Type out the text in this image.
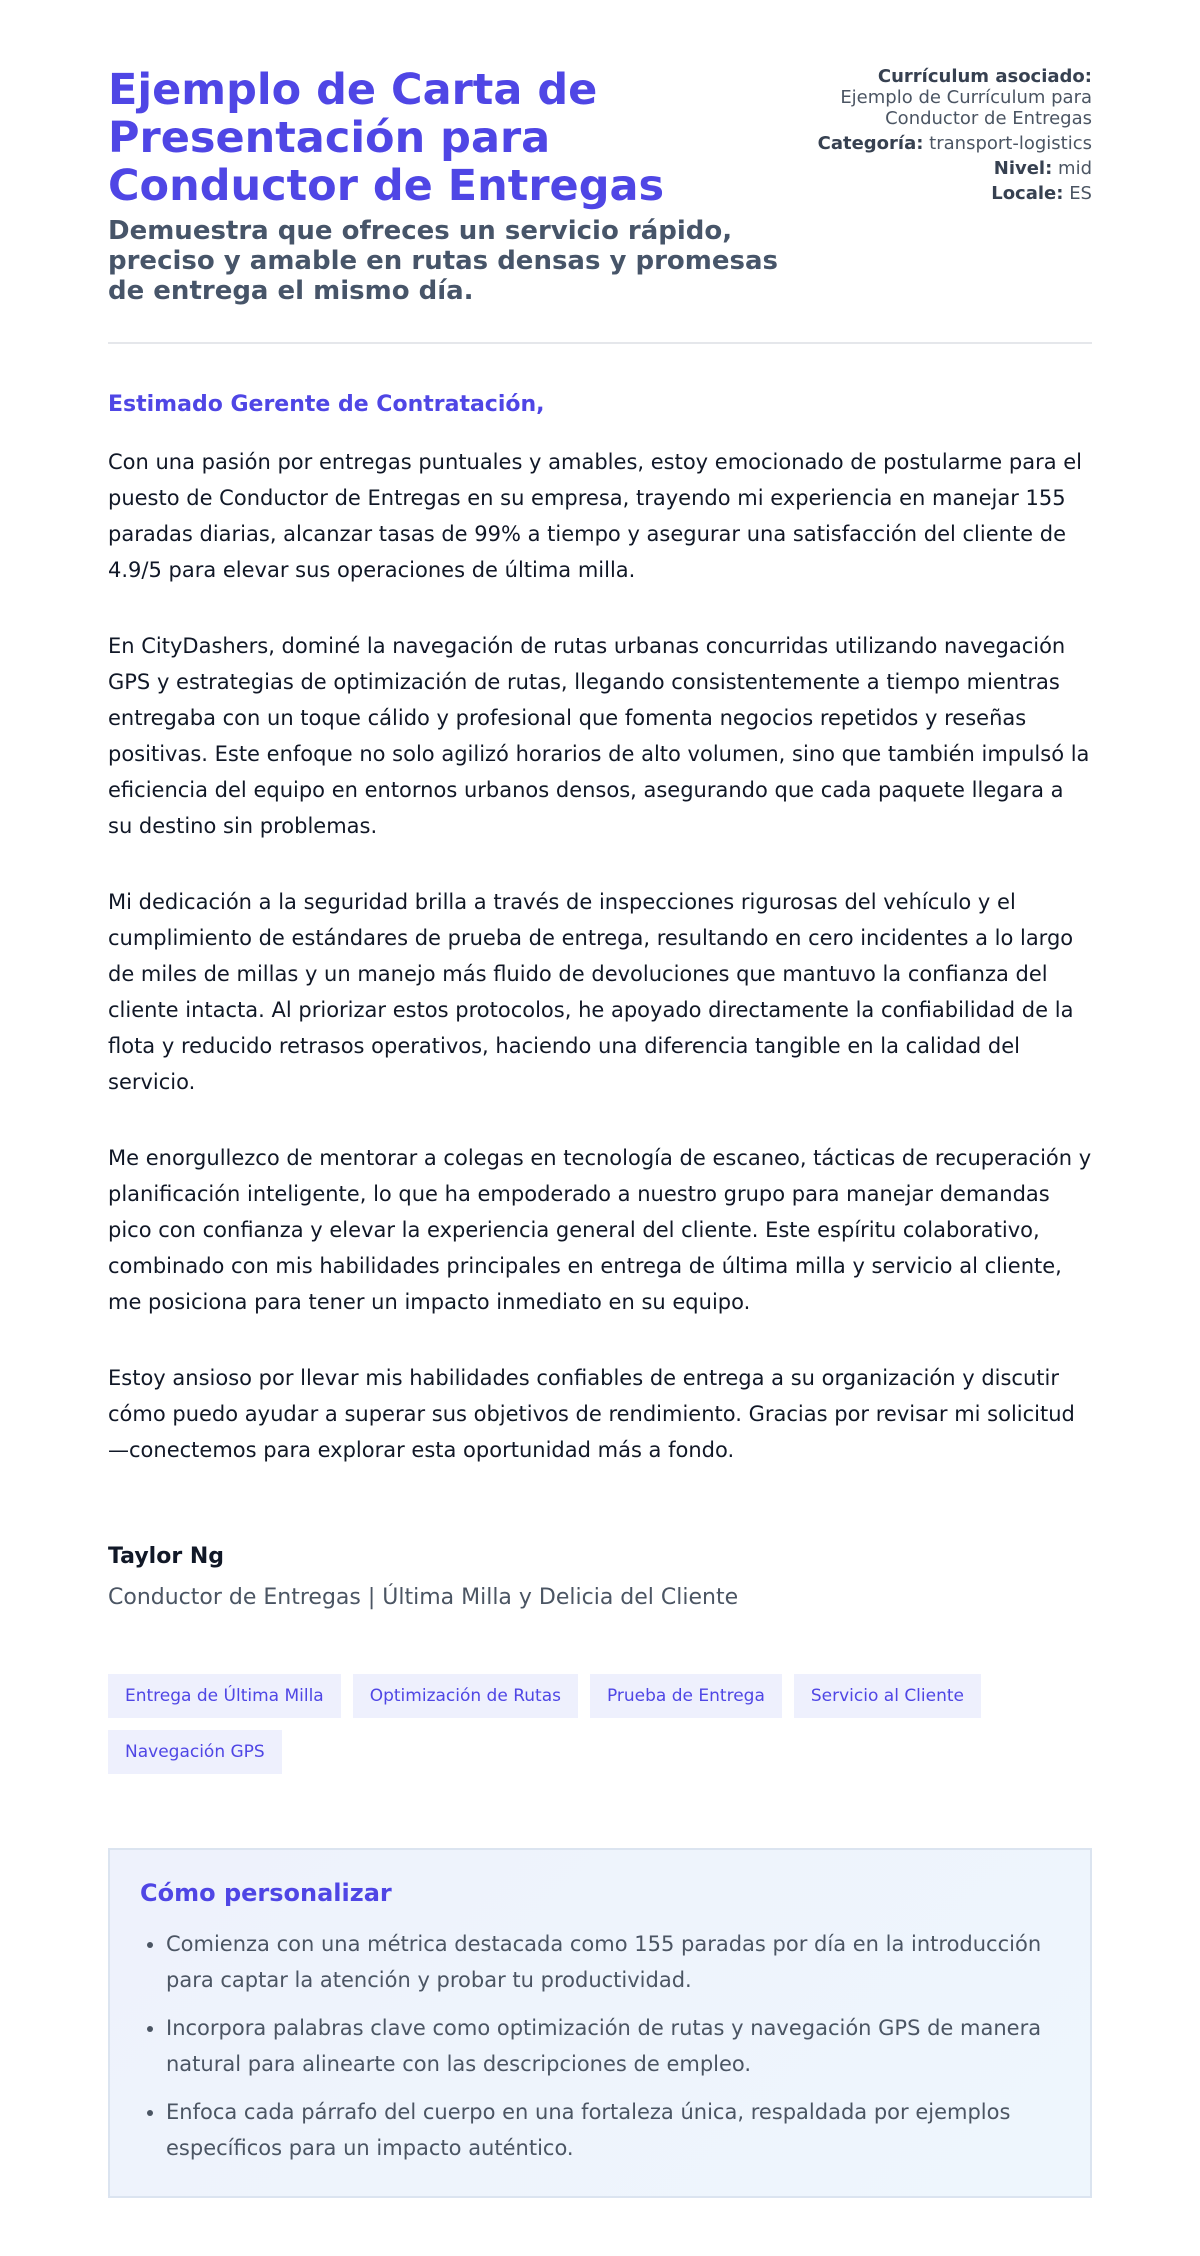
Ejemplo de Carta de Presentación para Conductor de Entregas
Demuestra que ofreces un servicio rápido, preciso y amable en rutas densas y promesas de entrega el mismo día.
Currículum asociado:
Ejemplo de Currículum para Conductor de Entregas
Categoría: transport-logistics
Nivel: mid
Locale: ES

Estimado Gerente de Contratación,

Con una pasión por entregas puntuales y amables, estoy emocionado de postularme para el puesto de Conductor de Entregas en su empresa, trayendo mi experiencia en manejar 155 paradas diarias, alcanzar tasas de 99% a tiempo y asegurar una satisfacción del cliente de 4.9/5 para elevar sus operaciones de última milla.

En CityDashers, dominé la navegación de rutas urbanas concurridas utilizando navegación GPS y estrategias de optimización de rutas, llegando consistentemente a tiempo mientras entregaba con un toque cálido y profesional que fomenta negocios repetidos y reseñas positivas. Este enfoque no solo agilizó horarios de alto volumen, sino que también impulsó la eficiencia del equipo en entornos urbanos densos, asegurando que cada paquete llegara a su destino sin problemas.

Mi dedicación a la seguridad brilla a través de inspecciones rigurosas del vehículo y el cumplimiento de estándares de prueba de entrega, resultando en cero incidentes a lo largo de miles de millas y un manejo más fluido de devoluciones que mantuvo la confianza del cliente intacta. Al priorizar estos protocolos, he apoyado directamente la confiabilidad de la flota y reducido retrasos operativos, haciendo una diferencia tangible en la calidad del servicio.

Me enorgullezco de mentorar a colegas en tecnología de escaneo, tácticas de recuperación y planificación inteligente, lo que ha empoderado a nuestro grupo para manejar demandas pico con confianza y elevar la experiencia general del cliente. Este espíritu colaborativo, combinado con mis habilidades principales en entrega de última milla y servicio al cliente, me posiciona para tener un impacto inmediato en su equipo.

Estoy ansioso por llevar mis habilidades confiables de entrega a su organización y discutir cómo puedo ayudar a superar sus objetivos de rendimiento. Gracias por revisar mi solicitud—conectemos para explorar esta oportunidad más a fondo.

Taylor Ng

Conductor de Entregas | Última Milla y Delicia del Cliente

Entrega de Última Milla	Optimización de Rutas	Prueba de Entrega	Servicio al Cliente
Navegación GPS
Cómo personalizar
• Comienza con una métrica destacada como 155 paradas por día en la introducción para captar la atención y probar tu productividad.
• Incorpora palabras clave como optimización de rutas y navegación GPS de manera natural para alinearte con las descripciones de empleo.
• Enfoca cada párrafo del cuerpo en una fortaleza única, respaldada por ejemplos específicos para un impacto auténtico.
